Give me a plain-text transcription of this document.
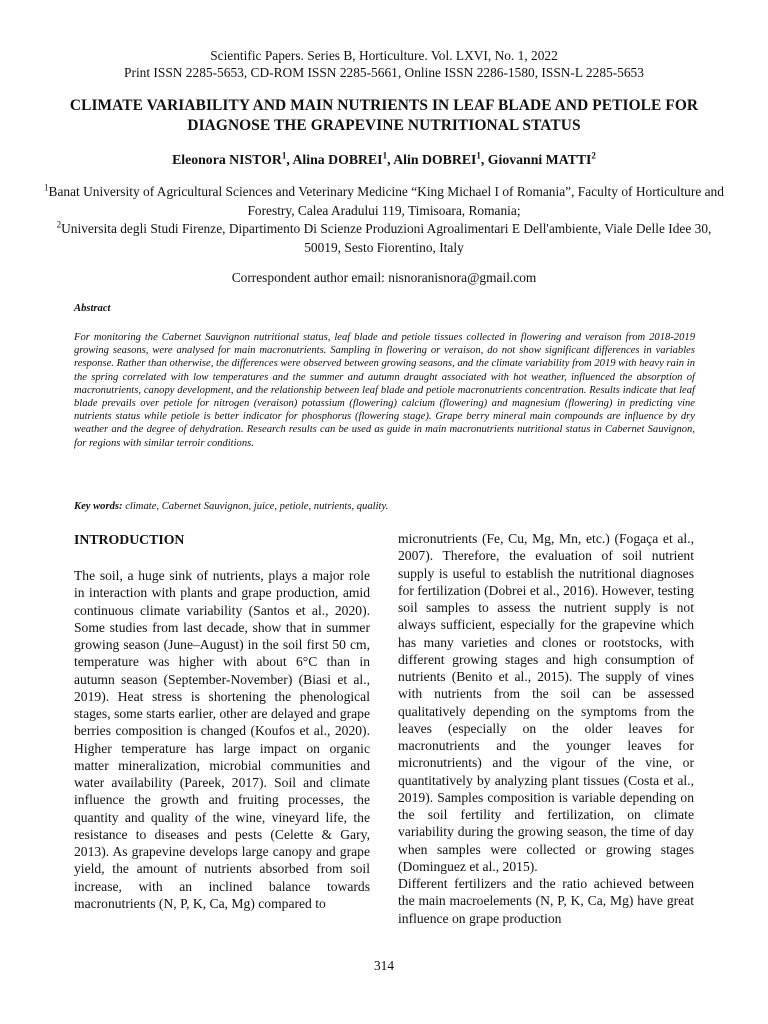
Scientific Papers. Series B, Horticulture. Vol. LXVI, No. 1, 2022
Print ISSN 2285-5653, CD-ROM ISSN 2285-5661, Online ISSN 2286-1580, ISSN-L 2285-5653
CLIMATE VARIABILITY AND MAIN NUTRIENTS IN LEAF BLADE AND PETIOLE FOR DIAGNOSE THE GRAPEVINE NUTRITIONAL STATUS
Eleonora NISTOR$^1$, Alina DOBREI$^1$, Alin DOBREI$^1$, Giovanni MATTI$^2$
$^1$Banat University of Agricultural Sciences and Veterinary Medicine “King Michael I of Romania”, Faculty of Horticulture and Forestry, Calea Aradului 119, Timisoara, Romania;
$^2$Universita degli Studi Firenze, Dipartimento Di Scienze Produzioni Agroalimentari E Dell'ambiente, Viale Delle Idee 30, 50019, Sesto Fiorentino, Italy
Correspondent author email: nisnoranisnora@gmail.com
Abstract
For monitoring the Cabernet Sauvignon nutritional status, leaf blade and petiole tissues collected in flowering and veraison from 2018-2019 growing seasons, were analysed for main macronutrients. Sampling in flowering or veraison, do not show significant differences in variables response. Rather than otherwise, the differences were observed between growing seasons, and the climate variability from 2019 with heavy rain in the spring correlated with low temperatures and the summer and autumn draught associated with hot weather, influenced the absorption of macronutrients, canopy development, and the relationship between leaf blade and petiole macronutrients concentration. Results indicate that leaf blade prevails over petiole for nitrogen (veraison) potassium (flowering) calcium (flowering) and magnesium (flowering) in predicting vine nutrients status while petiole is better indicator for phosphorus (flowering stage). Grape berry mineral main compounds are influence by dry weather and the degree of dehydration. Research results can be used as guide in main macronutrients nutritional status in Cabernet Sauvignon, for regions with similar terroir conditions.
Key words: climate, Cabernet Sauvignon, juice, petiole, nutrients, quality.
INTRODUCTION

The soil, a huge sink of nutrients, plays a major role in interaction with plants and grape production, amid continuous climate variability (Santos et al., 2020). Some studies from last decade, show that in summer growing season (June–August) in the soil first 50 cm, temperature was higher with about 6°C than in autumn season (September-November) (Biasi et al., 2019). Heat stress is shortening the phenological stages, some starts earlier, other are delayed and grape berries composition is changed (Koufos et al., 2020). Higher temperature has large impact on organic matter mineralization, microbial communities and water availability (Pareek, 2017). Soil and climate influence the growth and fruiting processes, the quantity and quality of the wine, vineyard life, the resistance to diseases and pests (Celette & Gary, 2013). As grapevine develops large canopy and grape yield, the amount of nutrients absorbed from soil increase, with an inclined balance towards macronutrients (N, P, K, Ca, Mg) compared to

micronutrients (Fe, Cu, Mg, Mn, etc.) (Fogaça et al., 2007). Therefore, the evaluation of soil nutrient supply is useful to establish the nutritional diagnoses for fertilization (Dobrei et al., 2016). However, testing soil samples to assess the nutrient supply is not always sufficient, especially for the grapevine which has many varieties and clones or rootstocks, with different growing stages and high consumption of nutrients (Benito et al., 2015). The supply of vines with nutrients from the soil can be assessed qualitatively depending on the symptoms from the leaves (especially on the older leaves for macronutrients and the younger leaves for micronutrients) and the vigour of the vine, or quantitatively by analyzing plant tissues (Costa et al., 2019). Samples composition is variable depending on the soil fertility and fertilization, on climate variability during the growing season, the time of day when samples were collected or growing stages (Dominguez et al., 2015).

Different fertilizers and the ratio achieved between the main macroelements (N, P, K, Ca, Mg) have great influence on grape production

314
